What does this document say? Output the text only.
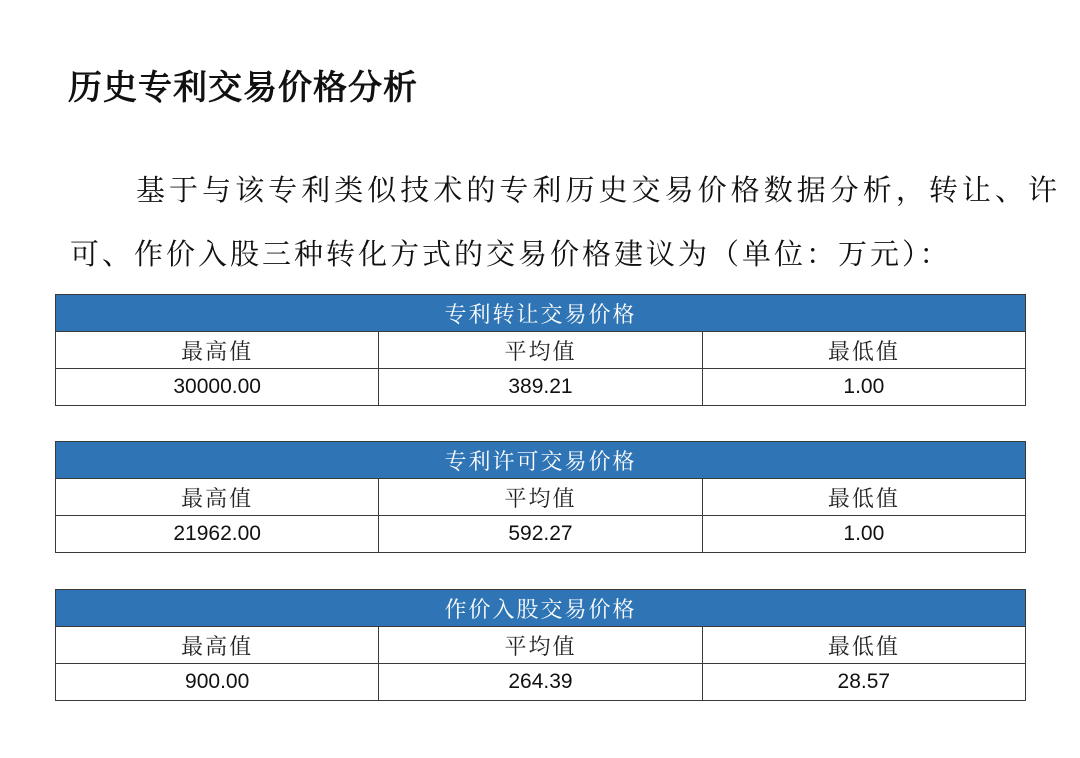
历史专利交易价格分析

基于与该专利类似技术的专利历史交易价格数据分析，转让、许可、作价入股三种转化方式的交易价格建议为（单位：万元）：

专利转让交易价格		
最高值	平均值	最低值
30000.00	389.21	1.00
专利许可交易价格		
最高值	平均值	最低值
21962.00	592.27	1.00
作价入股交易价格		
最高值	平均值	最低值
900.00	264.39	28.57
